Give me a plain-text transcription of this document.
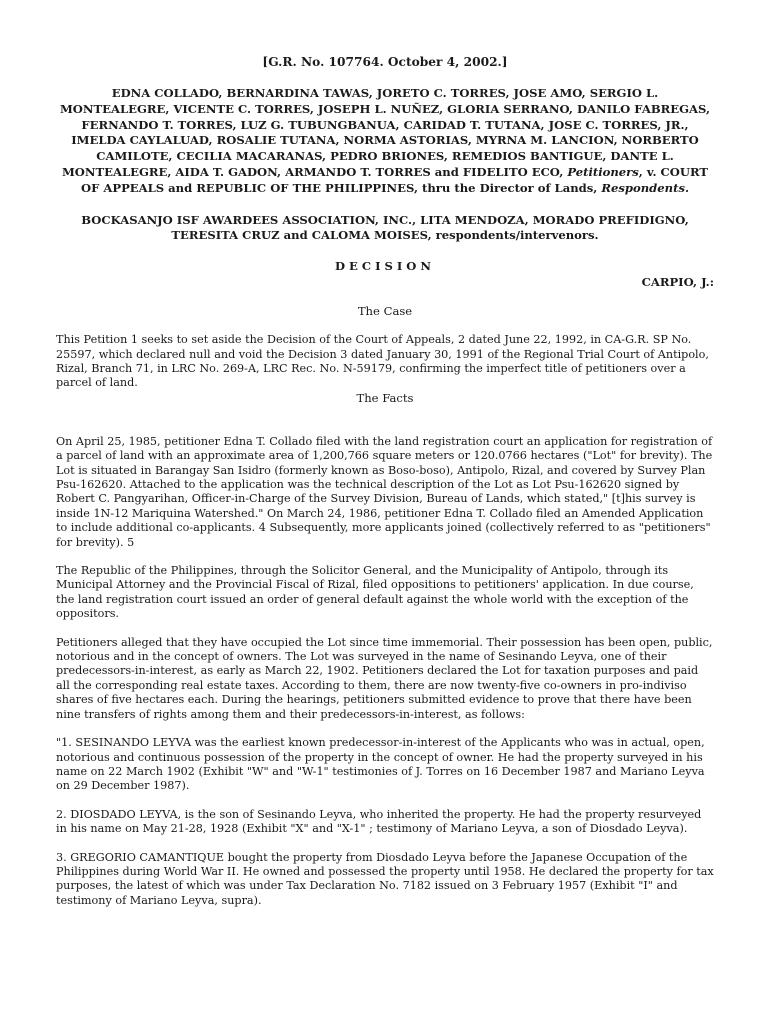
[G.R. No. 107764. October 4, 2002.]
EDNA COLLADO, BERNARDINA TAWAS, JORETO C. TORRES, JOSE AMO, SERGIO L. MONTEALEGRE, VICENTE C. TORRES, JOSEPH L. NUÑEZ, GLORIA SERRANO, DANILO FABREGAS, FERNANDO T. TORRES, LUZ G. TUBUNGBANUA, CARIDAD T. TUTANA, JOSE C. TORRES, JR., IMELDA CAYLALUAD, ROSALIE TUTANA, NORMA ASTORIAS, MYRNA M. LANCION, NORBERTO CAMILOTE, CECILIA MACARANAS, PEDRO BRIONES, REMEDIOS BANTIGUE, DANTE L. MONTEALEGRE, AIDA T. GADON, ARMANDO T. TORRES and FIDELITO ECO, Petitioners, v. COURT OF APPEALS and REPUBLIC OF THE PHILIPPINES, thru the Director of Lands, Respondents.
BOCKASANJO ISF AWARDEES ASSOCIATION, INC., LITA MENDOZA, MORADO PREFIDIGNO, TERESITA CRUZ and CALOMA MOISES, respondents/intervenors.
DECISION
CARPIO, J.:
The Case

This Petition 1 seeks to set aside the Decision of the Court of Appeals, 2 dated June 22, 1992, in CA-G.R. SP No. 25597, which declared null and void the Decision 3 dated January 30, 1991 of the Regional Trial Court of Antipolo, Rizal, Branch 71, in LRC No. 269-A, LRC Rec. No. N-59179, confirming the imperfect title of petitioners over a parcel of land.

The Facts

On April 25, 1985, petitioner Edna T. Collado filed with the land registration court an application for registration of a parcel of land with an approximate area of 1,200,766 square meters or 120.0766 hectares ("Lot" for brevity). The Lot is situated in Barangay San Isidro (formerly known as Boso-boso), Antipolo, Rizal, and covered by Survey Plan Psu-162620. Attached to the application was the technical description of the Lot as Lot Psu-162620 signed by Robert C. Pangyarihan, Officer-in-Charge of the Survey Division, Bureau of Lands, which stated," [t]his survey is inside 1N-12 Mariquina Watershed." On March 24, 1986, petitioner Edna T. Collado filed an Amended Application to include additional co-applicants. 4 Subsequently, more applicants joined (collectively referred to as "petitioners" for brevity). 5

The Republic of the Philippines, through the Solicitor General, and the Municipality of Antipolo, through its Municipal Attorney and the Provincial Fiscal of Rizal, filed oppositions to petitioners' application. In due course, the land registration court issued an order of general default against the whole world with the exception of the oppositors.

Petitioners alleged that they have occupied the Lot since time immemorial. Their possession has been open, public, notorious and in the concept of owners. The Lot was surveyed in the name of Sesinando Leyva, one of their predecessors-in-interest, as early as March 22, 1902. Petitioners declared the Lot for taxation purposes and paid all the corresponding real estate taxes. According to them, there are now twenty-five co-owners in pro-indiviso shares of five hectares each. During the hearings, petitioners submitted evidence to prove that there have been nine transfers of rights among them and their predecessors-in-interest, as follows:

"1. SESINANDO LEYVA was the earliest known predecessor-in-interest of the Applicants who was in actual, open, notorious and continuous possession of the property in the concept of owner. He had the property surveyed in his name on 22 March 1902 (Exhibit "W" and "W-1" testimonies of J. Torres on 16 December 1987 and Mariano Leyva on 29 December 1987).

2. DIOSDADO LEYVA, is the son of Sesinando Leyva, who inherited the property. He had the property resurveyed in his name on May 21-28, 1928 (Exhibit "X" and "X-1" ; testimony of Mariano Leyva, a son of Diosdado Leyva).

3. GREGORIO CAMANTIQUE bought the property from Diosdado Leyva before the Japanese Occupation of the Philippines during World War II. He owned and possessed the property until 1958. He declared the property for tax purposes, the latest of which was under Tax Declaration No. 7182 issued on 3 February 1957 (Exhibit "I" and testimony of Mariano Leyva, supra).
